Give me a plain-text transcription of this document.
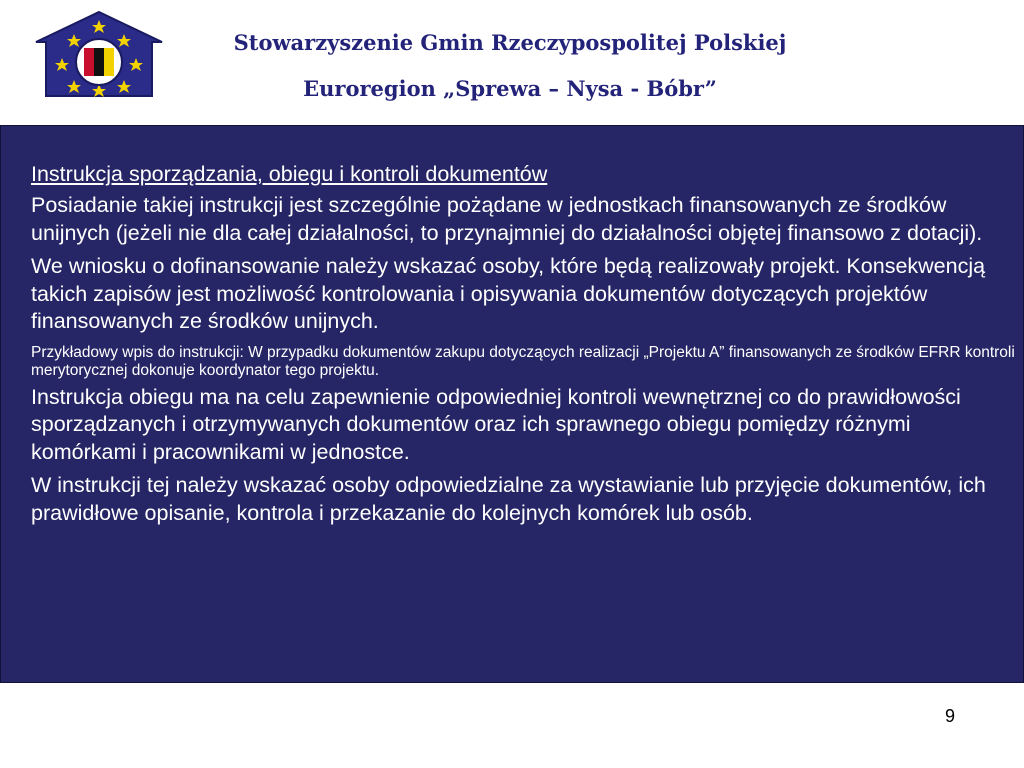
Stowarzyszenie Gmin Rzeczypospolitej Polskiej
Euroregion „Sprewa – Nysa - Bóbr”
Instrukcja sporządzania, obiegu i kontroli dokumentów
Posiadanie takiej instrukcji jest szczególnie pożądane w jednostkach finansowanych ze środków unijnych (jeżeli nie dla całej działalności, to przynajmniej do działalności objętej finansowo z dotacji).
We wniosku o dofinansowanie należy wskazać osoby, które będą realizowały projekt. Konsekwencją takich zapisów jest możliwość kontrolowania i opisywania dokumentów dotyczących projektów finansowanych ze środków unijnych.
Przykładowy wpis do instrukcji: W przypadku dokumentów zakupu dotyczących realizacji „Projektu A” finansowanych ze środków EFRR kontroli merytorycznej dokonuje koordynator tego projektu.
Instrukcja obiegu ma na celu zapewnienie odpowiedniej kontroli wewnętrznej co do prawidłowości sporządzanych i otrzymywanych dokumentów oraz ich sprawnego obiegu pomiędzy różnymi komórkami i pracownikami w jednostce.
W instrukcji tej należy wskazać osoby odpowiedzialne za wystawianie lub przyjęcie dokumentów, ich prawidłowe opisanie, kontrola i przekazanie do kolejnych komórek lub osób.
9
